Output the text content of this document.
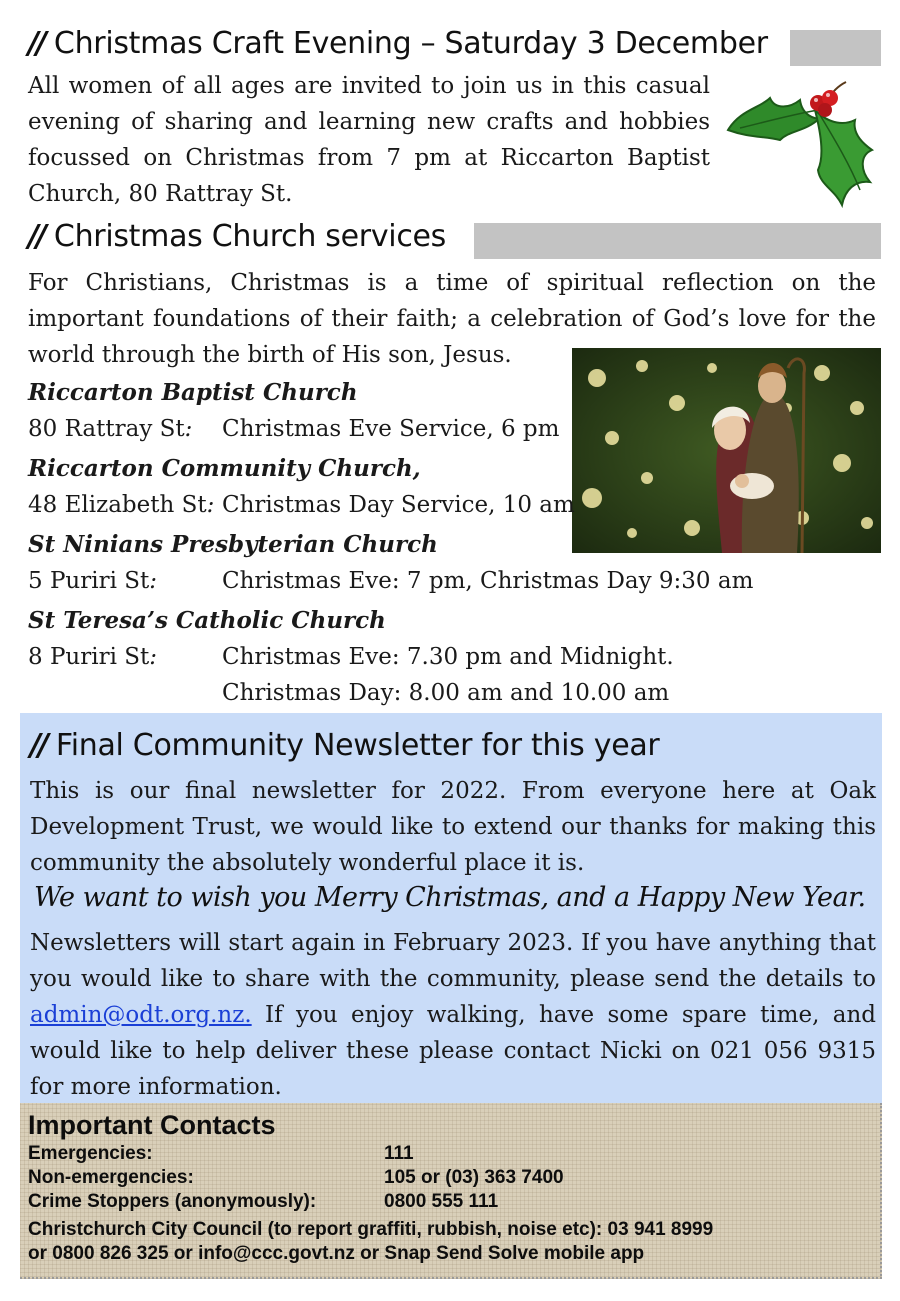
// Christmas Craft Evening – Saturday 3 December

All women of all ages are invited to join us in this casual evening of sharing and learning new crafts and hobbies focussed on Christmas from 7 pm at Riccarton Baptist Church, 80 Rattray St.

// Christmas Church services

For Christians, Christmas is a time of spiritual reflection on the important foundations of their faith; a celebration of God’s love for the world through the birth of His son, Jesus.

Riccarton Baptist Church
80 Rattray St: Christmas Eve Service, 6 pm
Riccarton Community Church,
48 Elizabeth St: Christmas Day Service, 10 am
St Ninians Presbyterian Church
5 Puriri St:	Christmas Eve: 7 pm, Christmas Day 9:30 am
St Teresa’s Catholic Church
8 Puriri St:	Christmas Eve: 7.30 pm and Midnight.
Christmas Day: 8.00 am and 10.00 am
// Final Community Newsletter for this year

This is our final newsletter for 2022. From everyone here at Oak Development Trust, we would like to extend our thanks for making this community the absolutely wonderful place it is.

We want to wish you Merry Christmas, and a Happy New Year.

Newsletters will start again in February 2023. If you have anything that you would like to share with the community, please send the details to admin@odt.org.nz. If you enjoy walking, have some spare time, and would like to help deliver these please contact Nicki on 021 056 9315 for more information.

Important Contacts
Emergencies:	111
Non-emergencies:	105 or (03) 363 7400
Crime Stoppers (anonymously):	0800 555 111
Christchurch City Council (to report graffiti, rubbish, noise etc): 03 941 8999
or 0800 826 325 or info@ccc.govt.nz or Snap Send Solve mobile app
